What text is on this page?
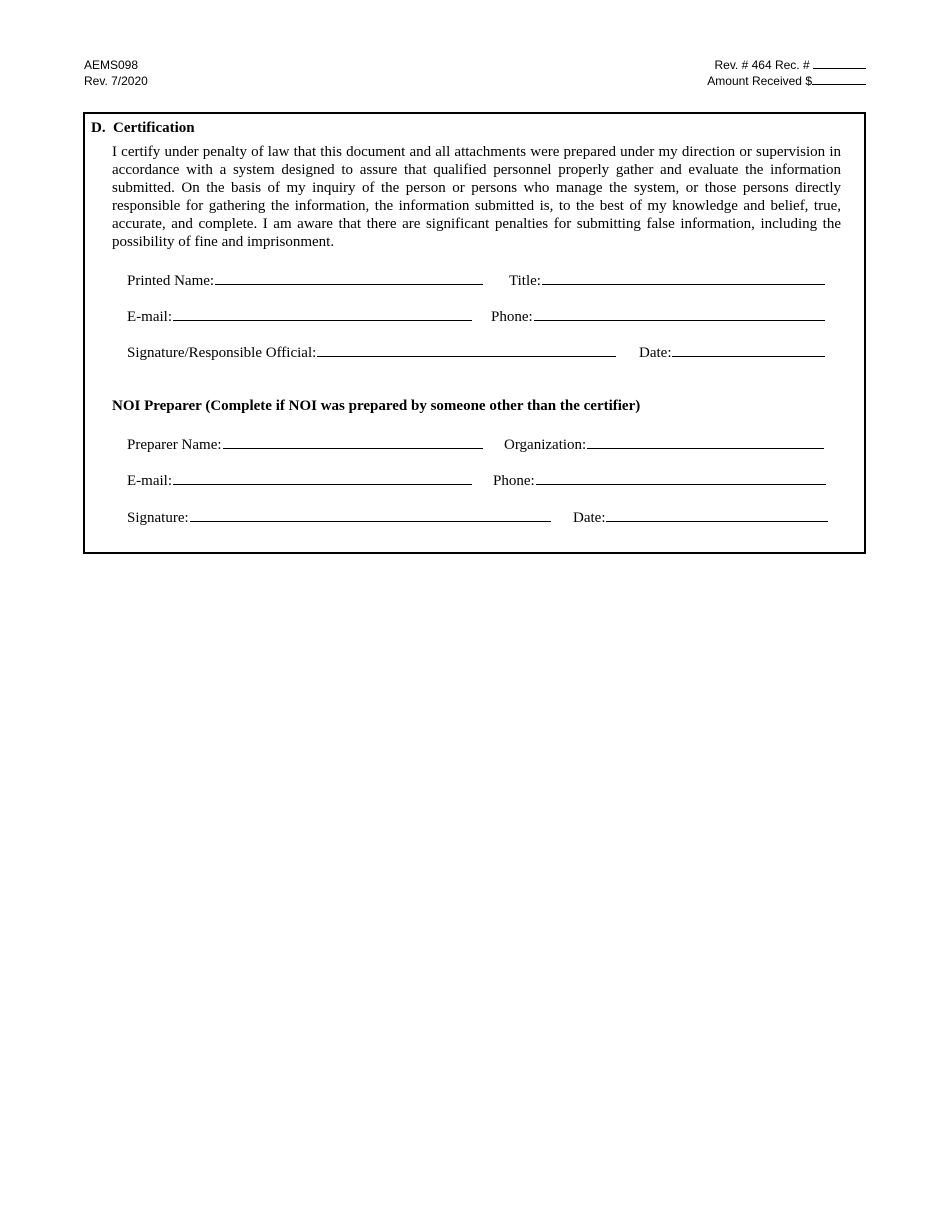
AEMS098
Rev. 7/2020
Rev. # 464 Rec. #
Amount Received $
D. Certification

I certify under penalty of law that this document and all attachments were prepared under my direction or supervision in accordance with a system designed to assure that qualified personnel properly gather and evaluate the information submitted. On the basis of my inquiry of the person or persons who manage the system, or those persons directly responsible for gathering the information, the information submitted is, to the best of my knowledge and belief, true, accurate, and complete. I am aware that there are significant penalties for submitting false information, including the possibility of fine and imprisonment.

Printed Name:	Title:
E-mail:	Phone:
Signature/Responsible Official:	Date:
NOI Preparer (Complete if NOI was prepared by someone other than the certifier)
Preparer Name:	Organization:
E-mail:	Phone:
Signature:	Date:
